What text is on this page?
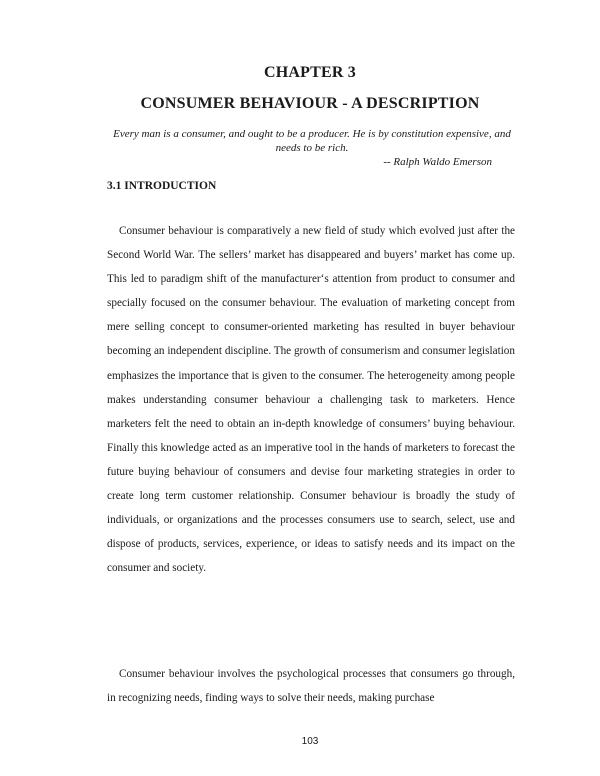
CHAPTER 3
CONSUMER BEHAVIOUR - A DESCRIPTION
Every man is a consumer, and ought to be a producer. He is by constitution expensive, and needs to be rich.
-- Ralph Waldo Emerson
3.1 INTRODUCTION

Consumer behaviour is comparatively a new field of study which evolved just after the Second World War. The sellers’ market has disappeared and buyers’ market has come up. This led to paradigm shift of the manufacturer‘s attention from product to consumer and specially focused on the consumer behaviour. The evaluation of marketing concept from mere selling concept to consumer-oriented marketing has resulted in buyer behaviour becoming an independent discipline. The growth of consumerism and consumer legislation emphasizes the importance that is given to the consumer. The heterogeneity among people makes understanding consumer behaviour a challenging task to marketers. Hence marketers felt the need to obtain an in-depth knowledge of consumers’ buying behaviour. Finally this knowledge acted as an imperative tool in the hands of marketers to forecast the future buying behaviour of consumers and devise four marketing strategies in order to create long term customer relationship. Consumer behaviour is broadly the study of individuals, or organizations and the processes consumers use to search, select, use and dispose of products, services, experience, or ideas to satisfy needs and its impact on the consumer and society.

Consumer behaviour involves the psychological processes that consumers go through, in recognizing needs, finding ways to solve their needs, making purchase

103
